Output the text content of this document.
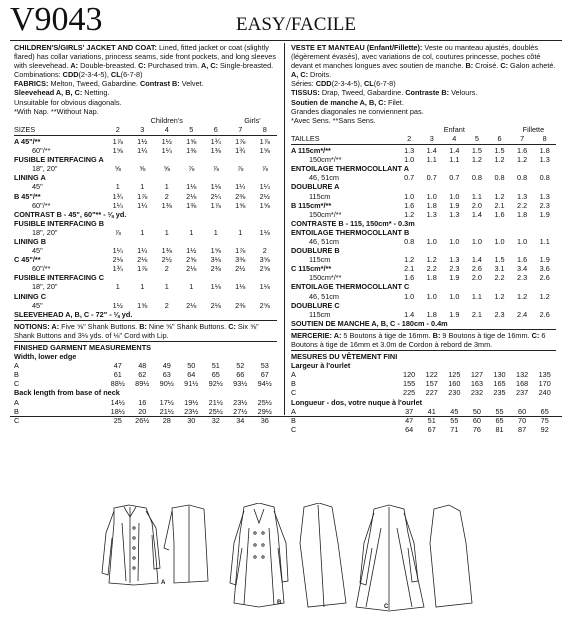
V9043	EASY/FACILE

CHILDREN'S/GIRLS' JACKET AND COAT: Lined, fitted jacket or coat (slightly flared) has collar variations, princess seams, side front pockets, and long sleeves with sleevehead. A: Double-breasted. C: Purchased trim. A, C: Single-breasted.

Combinations: CDD(2-3-4-5), CL(6-7-8)

FABRICS: Melton, Tweed, Gabardine. Contrast B: Velvet.

Sleevehead A, B, C: Netting.

Unsuitable for obvious diagonals.

*With Nap. **Without Nap.

Children's	Girls'
SIZES	2	3	4	5	6	7	8
A 45"/**	1⅞	1½	1½	1⅝	1¾	1⅞	1⅞
60"/**	1⅝	1¼	1¼	1⅜	1⅜	1¾	1⅝
FUSIBLE INTERFACING A
18", 20"	⅝	⅝	⅝	⅞	⅞	⅞	⅞
LINING A
45"	1	1	1	1⅛	1⅛	1¼	1¼
B 45"/**	1¾	1⅞	2	2⅛	2¼	2⅜	2½
60"/**	1¼	1¼	1⅜	1⅜	1⅞	1⅝	1⅝
CONTRAST B - 45", 60"** - ⅛ yd.
FUSIBLE INTERFACING B
18", 20"	⅞	1	1	1	1	1	1⅛
LINING B
45"	1¼	1¼	1⅜	1½	1⅝	1⅞	2
C 45"/**	2⅛	2⅛	2½	2⅝	3⅛	3⅜	3⅝
60"/**	1¾	1⅞	2	2⅛	2⅜	2½	2⅝
FUSIBLE INTERFACING C
18", 20"	1	1	1	1	1⅛	1⅛	1⅛
LINING C
45"	1½	1⅝	2	2⅛	2⅛	2⅜	2⅝
SLEEVEHEAD A, B, C - 72" - ⅛ yd.

NOTIONS: A: Five ⅝" Shank Buttons. B: Nine ⅝" Shank Buttons. C: Six ⅝" Shank Buttons and 3⅛ yds. of ⅛" Cord with Lip.

FINISHED GARMENT MEASUREMENTS
Width, lower edge
A	47	48	49	50	51	52	53
B	61	62	63	64	65	66	67
C	88½	89½	90½	91½	92½	93½	94½
Back length from base of neck
A	14½	16	17½	19½	21½	23½	25½
B	18½	20	21½	23½	25½	27½	29½
C	25	26½	28	30	32	34	36

VESTE ET MANTEAU (Enfant/Fillette): Veste ou manteau ajustés, doublés (légèrement évasés), avec variations de col, coutures princesse, poches côté devant et manches longues avec soutien de manche. B: Croisé. C: Galon acheté. A, C: Droits.

Séries: CDD(2-3-4-5), CL(6-7-8)

TISSUS: Drap, Tweed, Gabardine. Contraste B: Velours.

Soutien de manche A, B, C: Filet.

Grandes diagonales ne conviennent pas.

*Avec Sens. **Sans Sens.

Enfant	Fillette
TAILLES	2	3	4	5	6	7	8
A 115cm*/**	1.3	1.4	1.4	1.5	1.5	1.6	1.8
150cm*/**	1.0	1.1	1.1	1.2	1.2	1.2	1.3
ENTOILAGE THERMOCOLLANT A
46, 51cm	0.7	0.7	0.7	0.8	0.8	0.8	0.8
DOUBLURE A
115cm	1.0	1.0	1.0	1.1	1.2	1.3	1.3
B 115cm*/**	1.6	1.8	1.9	2.0	2.1	2.2	2.3
150cm*/**	1.2	1.3	1.3	1.4	1.6	1.8	1.9
CONTRASTE B - 115, 150cm* - 0.3m
ENTOILAGE THERMOCOLLANT B
46, 51cm	0.8	1.0	1.0	1.0	1.0	1.0	1.1
DOUBLURE B
115cm	1.2	1.2	1.3	1.4	1.5	1.6	1.9
C 115cm*/**	2.1	2.2	2.3	2.6	3.1	3.4	3.6
150cm*/**	1.6	1.8	1.9	2.0	2.2	2.3	2.6
ENTOILAGE THERMOCOLLANT C
46, 51cm	1.0	1.0	1.0	1.1	1.2	1.2	1.2
DOUBLURE C
115cm	1.4	1.8	1.9	2.1	2.3	2.4	2.6
SOUTIEN DE MANCHE A, B, C - 180cm - 0.4m

MERCERIE: A: 5 Boutons à tige de 16mm. B: 9 Boutons à tige de 16mm. C: 6 Boutons à tige de 16mm et 3.0m de Cordon à rebord de 3mm.

MESURES DU VÊTEMENT FINI
Largeur à l'ourlet
A	120	122	125	127	130	132	135
B	155	157	160	163	165	168	170
C	225	227	230	232	235	237	240
Longueur - dos, votre nuque à l'ourlet
A	37	41	45	50	55	60	65
B	47	51	55	60	65	70	75
C	64	67	71	76	81	87	92
A
B
C
